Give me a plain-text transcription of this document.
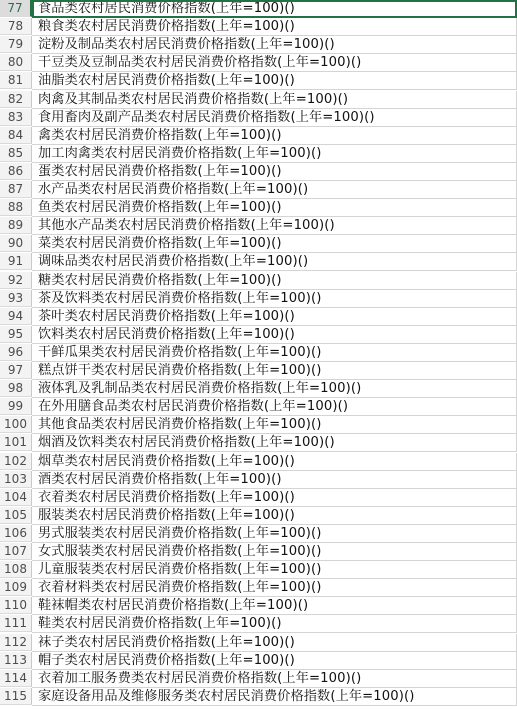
77	食品类农村居民消费价格指数(上年=100)()
78	粮食类农村居民消费价格指数(上年=100)()
79	淀粉及制品类农村居民消费价格指数(上年=100)()
80	干豆类及豆制品类农村居民消费价格指数(上年=100)()
81	油脂类农村居民消费价格指数(上年=100)()
82	肉禽及其制品类农村居民消费价格指数(上年=100)()
83	食用畜肉及副产品类农村居民消费价格指数(上年=100)()
84	禽类农村居民消费价格指数(上年=100)()
85	加工肉禽类农村居民消费价格指数(上年=100)()
86	蛋类农村居民消费价格指数(上年=100)()
87	水产品类农村居民消费价格指数(上年=100)()
88	鱼类农村居民消费价格指数(上年=100)()
89	其他水产品类农村居民消费价格指数(上年=100)()
90	菜类农村居民消费价格指数(上年=100)()
91	调味品类农村居民消费价格指数(上年=100)()
92	糖类农村居民消费价格指数(上年=100)()
93	茶及饮料类农村居民消费价格指数(上年=100)()
94	茶叶类农村居民消费价格指数(上年=100)()
95	饮料类农村居民消费价格指数(上年=100)()
96	干鲜瓜果类农村居民消费价格指数(上年=100)()
97	糕点饼干类农村居民消费价格指数(上年=100)()
98	液体乳及乳制品类农村居民消费价格指数(上年=100)()
99	在外用膳食品类农村居民消费价格指数(上年=100)()
100 其他食品类农村居民消费价格指数(上年=100)()
101 烟酒及饮料类农村居民消费价格指数(上年=100)()
102 烟草类农村居民消费价格指数(上年=100)()
103 酒类农村居民消费价格指数(上年=100)()
104 衣着类农村居民消费价格指数(上年=100)()
105 服装类农村居民消费价格指数(上年=100)()
106 男式服装类农村居民消费价格指数(上年=100)()
107 女式服装类农村居民消费价格指数(上年=100)()
108 儿童服装类农村居民消费价格指数(上年=100)()
109 衣着材料类农村居民消费价格指数(上年=100)()
110 鞋袜帽类农村居民消费价格指数(上年=100)()
111 鞋类农村居民消费价格指数(上年=100)()
112 袜子类农村居民消费价格指数(上年=100)()
113 帽子类农村居民消费价格指数(上年=100)()
114 衣着加工服务费类农村居民消费价格指数(上年=100)()
115 家庭设备用品及维修服务类农村居民消费价格指数(上年=100)()
